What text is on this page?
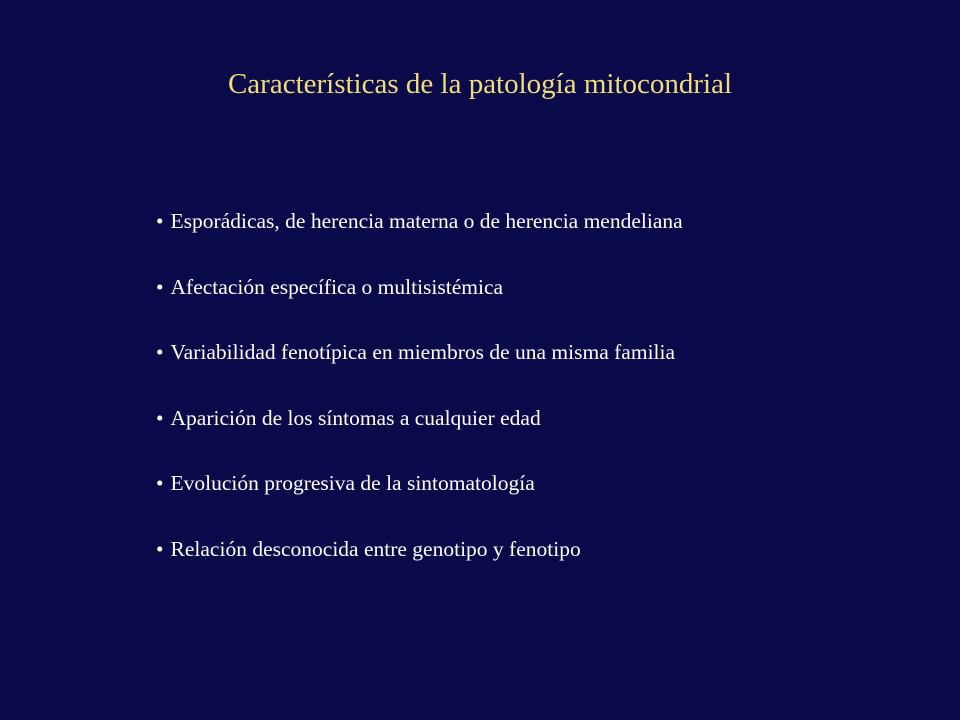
Características de la patología mitocondrial
• Esporádicas, de herencia materna o de herencia mendeliana
• Afectación específica o multisistémica
• Variabilidad fenotípica en miembros de una misma familia
• Aparición de los síntomas a cualquier edad
• Evolución progresiva de la sintomatología
• Relación desconocida entre genotipo y fenotipo
